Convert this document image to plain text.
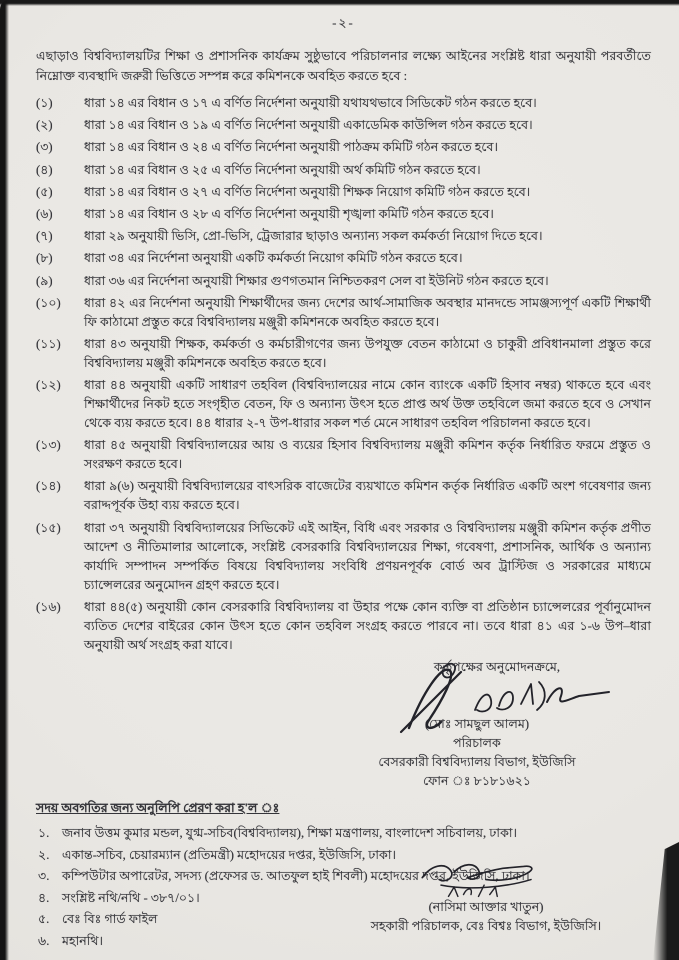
-২-
এছাড়াও বিশ্ববিদ্যালয়টির শিক্ষা ও প্রশাসনিক কার্যক্রম সুষ্ঠুভাবে পরিচালনার লক্ষ্যে আইনের সংশ্লিষ্ট ধারা অনুযায়ী পরবর্তীতে নিম্নোক্ত ব্যবস্থাদি জরুরী ভিত্তিতে সম্পন্ন করে কমিশনকে অবহিত করতে হবে :
(১)	ধারা ১৪ এর বিধান ও ১৭ এ বর্ণিত নির্দেশনা অনুযায়ী যথাযথভাবে সিডিকেট গঠন করতে হবে।
(২)	ধারা ১৪ এর বিধান ও ১৯ এ বর্ণিত নির্দেশনা অনুযায়ী একাডেমিক কাউন্সিল গঠন করতে হবে।
(৩)	ধারা ১৪ এর বিধান ও ২৪ এ বর্ণিত নির্দেশনা অনুযায়ী পাঠক্রম কমিটি গঠন করতে হবে।
(৪)	ধারা ১৪ এর বিধান ও ২৫ এ বর্ণিত নির্দেশনা অনুযায়ী অর্থ কমিটি গঠন করতে হবে।
(৫)	ধারা ১৪ এর বিধান ও ২৭ এ বর্ণিত নির্দেশনা অনুযায়ী শিক্ষক নিয়োগ কমিটি গঠন করতে হবে।
(৬)	ধারা ১৪ এর বিধান ও ২৮ এ বর্ণিত নির্দেশনা অনুযায়ী শৃঙ্খলা কমিটি গঠন করতে হবে।
(৭)	ধারা ২৯ অনুযায়ী ভিসি, প্রো-ভিসি, ট্রেজারার ছাড়াও অন্যান্য সকল কর্মকর্তা নিয়োগ দিতে হবে।
(৮)	ধারা ৩৪ এর নির্দেশনা অনুযায়ী একটি কর্মকর্তা নিয়োগ কমিটি গঠন করতে হবে।
(৯)	ধারা ৩৬ এর নির্দেশনা অনুযায়ী শিক্ষার গুণগতমান নিশ্চিতকরণ সেল বা ইউনিট গঠন করতে হবে।
(১০)	ধারা ৪২ এর নির্দেশনা অনুযায়ী শিক্ষার্থীদের জন্য দেশের আর্থ-সামাজিক অবস্থার মানদন্ডে সামঞ্জস্যপূর্ণ একটি শিক্ষার্থী ফি কাঠামো প্রস্তুত করে বিশ্ববিদ্যালয় মঞ্জুরী কমিশনকে অবহিত করতে হবে।
(১১)	ধারা ৪৩ অনুযায়ী শিক্ষক, কর্মকর্তা ও কর্মচারীগণের জন্য উপযুক্ত বেতন কাঠামো ও চাকুরী প্রবিধানমালা প্রস্তুত করে বিশ্ববিদ্যালয় মঞ্জুরী কমিশনকে অবহিত করতে হবে।
(১২)	ধারা ৪৪ অনুযায়ী একটি সাধারণ তহবিল (বিশ্ববিদ্যালয়ের নামে কোন ব্যাংকে একটি হিসাব নম্বর) থাকতে হবে এবং শিক্ষার্থীদের নিকট হতে সংগৃহীত বেতন, ফি ও অন্যান্য উৎস হতে প্রাপ্ত অর্থ উক্ত তহবিলে জমা করতে হবে ও সেখান থেকে ব্যয় করতে হবে। ৪৪ ধারার ২-৭ উপ-ধারার সকল শর্ত মেনে সাধারণ তহবিল পরিচালনা করতে হবে।
(১৩)	ধারা ৪৫ অনুযায়ী বিশ্ববিদ্যালয়ের আয় ও ব্যয়ের হিসাব বিশ্ববিদ্যালয় মঞ্জুরী কমিশন কর্তৃক নির্ধারিত ফরমে প্রস্তুত ও সংরক্ষণ করতে হবে।
(১৪)	ধারা ৯(৬) অনুযায়ী বিশ্ববিদ্যালয়ের বাৎসরিক বাজেটের ব্যয়খাতে কমিশন কর্তৃক নির্ধারিত একটি অংশ গবেষণার জন্য বরাদ্দপূর্বক উহা ব্যয় করতে হবে।
(১৫)	ধারা ৩৭ অনুযায়ী বিশ্ববিদ্যালয়ের সিভিকেট এই আইন, বিধি এবং সরকার ও বিশ্ববিদ্যালয় মঞ্জুরী কমিশন কর্তৃক প্রণীত আদেশ ও নীতিমালার আলোকে, সংশ্লিষ্ট বেসরকারি বিশ্ববিদ্যালয়ের শিক্ষা, গবেষণা, প্রশাসনিক, আর্থিক ও অন্যান্য কার্যাদি সম্পাদন সম্পর্কিত বিষয়ে বিশ্ববিদ্যালয় সংবিধি প্রণয়নপূর্বক বোর্ড অব ট্রাস্টিজ ও সরকারের মাধ্যমে চ্যান্সেলরের অনুমোদন গ্রহণ করতে হবে।
(১৬)	ধারা ৪৪(৫) অনুযায়ী কোন বেসরকারি বিশ্ববিদ্যালয় বা উহার পক্ষে কোন ব্যক্তি বা প্রতিষ্ঠান চ্যান্সেলরের পূর্বানুমোদন ব্যতিত দেশের বাইরের কোন উৎস হতে কোন তহবিল সংগ্রহ করতে পারবে না। তবে ধারা ৪১ এর ১-৬ উপ–ধারা অনুযায়ী অর্থ সংগ্রহ করা যাবে।
কর্তৃপক্ষের অনুমোদনক্রমে,
(মোঃ সামছুল আলম)
পরিচালক
বেসরকারী বিশ্ববিদ্যালয় বিভাগ, ইউজিসি
ফোন ঃ ৮১৮১৬২১
সদয় অবগতির জন্য অনুলিপি প্রেরণ করা হ'ল ঃ
১.	জনাব উত্তম কুমার মন্ডল, যুগ্ম-সচিব(বিশ্ববিদ্যালয়), শিক্ষা মন্ত্রণালয়, বাংলাদেশ সচিবালয়, ঢাকা।
২.	একান্ত-সচিব, চেয়ারম্যান (প্রতিমন্ত্রী) মহোদয়ের দপ্তর, ইউজিসি, ঢাকা।
৩.	কম্পিউটার অপারেটর, সদস্য (প্রফেসর ড. আতফুল হাই শিবলী) মহোদয়ের দপ্তর, ইউজিসি, ঢাকা।
৪.	সংশ্লিষ্ট নথি/নথি - ৩৮৭/০১।
৫.	বেঃ বিঃ গার্ড ফাইল
৬.	মহানথি।
(নাসিমা আক্তার খাতুন)
সহকারী পরিচালক, বেঃ বিশ্বঃ বিভাগ, ইউজিসি।
